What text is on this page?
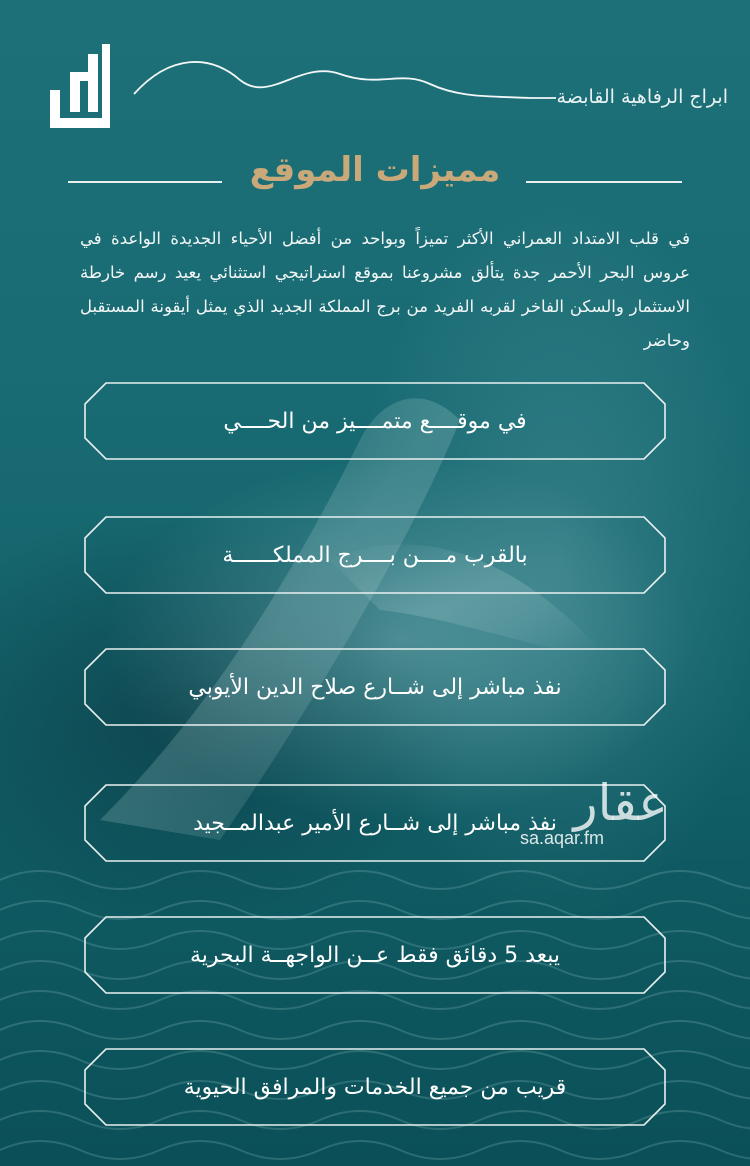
ابراج الرفاهية القابضة
مميزات الموقع
في قلب الامتداد العمراني الأكثر تميزاً وبواحد من أفضل الأحياء الجديدة الواعدة في عروس البحر الأحمر جدة يتألق مشروعنا بموقع استراتيجي استثنائي يعيد رسم خارطة الاستثمار والسكن الفاخر لقربه الفريد من برج المملكة الجديد الذي يمثل أيقونة المستقبل وحاضر
في موقــــع متمــــيز من الحــــي
بالقرب مــــن بــــرج المملكــــــة
نفذ مباشر إلى شــارع صلاح الدين الأيوبي
نفذ مباشر إلى شــارع الأمير عبدالمــجيد
يبعد 5 دقائق فقط عــن الواجهــة البحرية
قريب من جميع الخدمات والمرافق الحيوية
عقار
sa.aqar.fm
